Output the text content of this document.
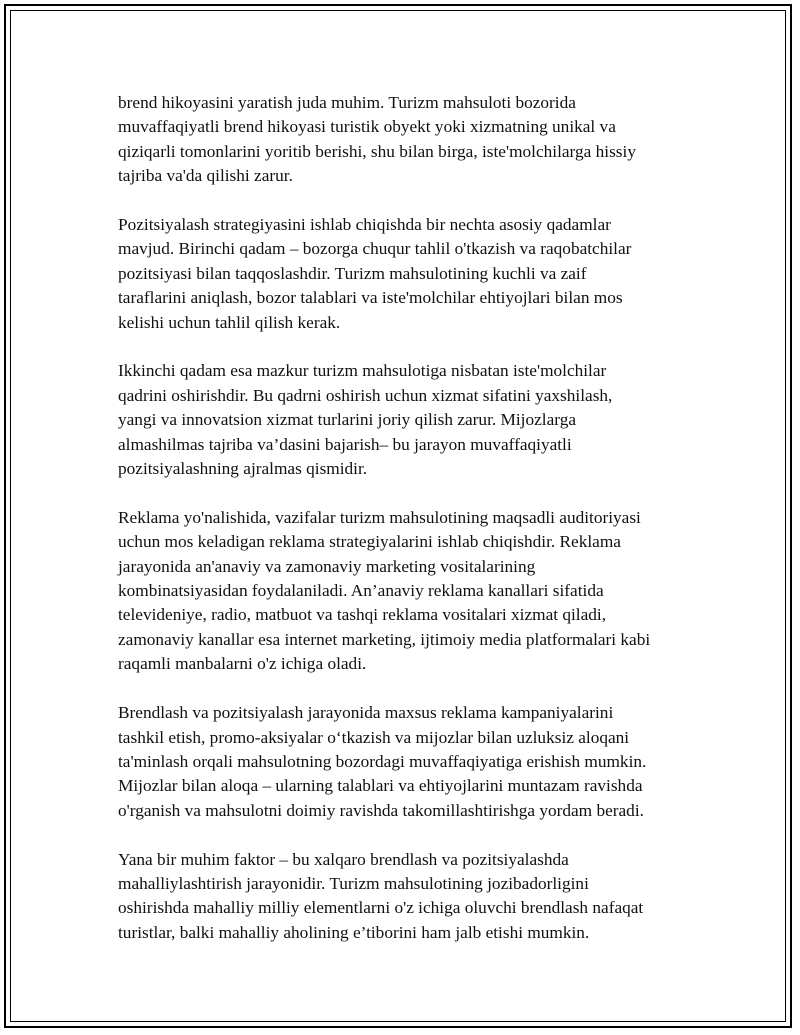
brend hikoyasini yaratish juda muhim. Turizm mahsuloti bozorida
muvaffaqiyatli brend hikoyasi turistik obyekt yoki xizmatning unikal va
qiziqarli tomonlarini yoritib berishi, shu bilan birga, iste'molchilarga hissiy
tajriba va'da qilishi zarur.

Pozitsiyalash strategiyasini ishlab chiqishda bir nechta asosiy qadamlar
mavjud. Birinchi qadam – bozorga chuqur tahlil o'tkazish va raqobatchilar
pozitsiyasi bilan taqqoslashdir. Turizm mahsulotining kuchli va zaif
taraflarini aniqlash, bozor talablari va iste'molchilar ehtiyojlari bilan mos
kelishi uchun tahlil qilish kerak.

Ikkinchi qadam esa mazkur turizm mahsulotiga nisbatan iste'molchilar
qadrini oshirishdir. Bu qadrni oshirish uchun xizmat sifatini yaxshilash,
yangi va innovatsion xizmat turlarini joriy qilish zarur. Mijozlarga
almashilmas tajriba va’dasini bajarish– bu jarayon muvaffaqiyatli
pozitsiyalashning ajralmas qismidir.

Reklama yo'nalishida, vazifalar turizm mahsulotining maqsadli auditoriyasi
uchun mos keladigan reklama strategiyalarini ishlab chiqishdir. Reklama
jarayonida an'anaviy va zamonaviy marketing vositalarining
kombinatsiyasidan foydalaniladi. An’anaviy reklama kanallari sifatida
televideniye, radio, matbuot va tashqi reklama vositalari xizmat qiladi,
zamonaviy kanallar esa internet marketing, ijtimoiy media platformalari kabi
raqamli manbalarni o'z ichiga oladi.

Brendlash va pozitsiyalash jarayonida maxsus reklama kampaniyalarini
tashkil etish, promo-aksiyalar o‘tkazish va mijozlar bilan uzluksiz aloqani
ta'minlash orqali mahsulotning bozordagi muvaffaqiyatiga erishish mumkin.
Mijozlar bilan aloqa – ularning talablari va ehtiyojlarini muntazam ravishda
o'rganish va mahsulotni doimiy ravishda takomillashtirishga yordam beradi.

Yana bir muhim faktor – bu xalqaro brendlash va pozitsiyalashda
mahalliylashtirish jarayonidir. Turizm mahsulotining jozibadorligini
oshirishda mahalliy milliy elementlarni o'z ichiga oluvchi brendlash nafaqat
turistlar, balki mahalliy aholining e’tiborini ham jalb etishi mumkin.
